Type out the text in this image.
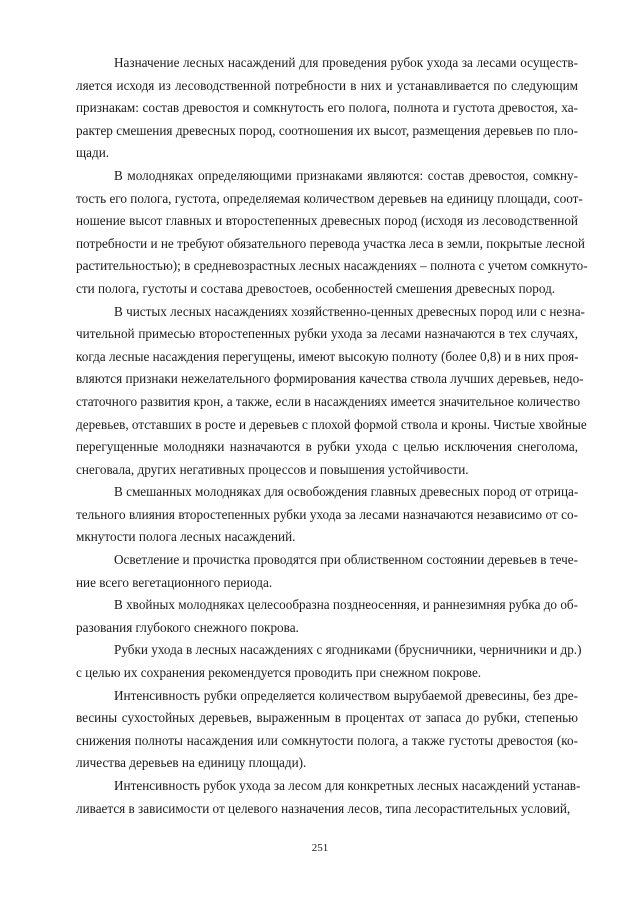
Назначение лесных насаждений для проведения рубок ухода за лесами осуществ-
ляется исходя из лесоводственной потребности в них и устанавливается по следующим
признакам: состав древостоя и сомкнутость его полога, полнота и густота древостоя, ха-
рактер смешения древесных пород, соотношения их высот, размещения деревьев по пло-
щади.
В молодняках определяющими признаками являются: состав древостоя, сомкну-
тость его полога, густота, определяемая количеством деревьев на единицу площади, соот-
ношение высот главных и второстепенных древесных пород (исходя из лесоводственной
потребности и не требуют обязательного перевода участка леса в земли, покрытые лесной
растительностью); в средневозрастных лесных насаждениях – полнота с учетом сомкнуто-
сти полога, густоты и состава древостоев, особенностей смешения древесных пород.
В чистых лесных насаждениях хозяйственно-ценных древесных пород или с незна-
чительной примесью второстепенных рубки ухода за лесами назначаются в тех случаях,
когда лесные насаждения перегущены, имеют высокую полноту (более 0,8) и в них проя-
вляются признаки нежелательного формирования качества ствола лучших деревьев, недо-
статочного развития крон, а также, если в насаждениях имеется значительное количество
деревьев, отставших в росте и деревьев с плохой формой ствола и кроны. Чистые хвойные
перегущенные молодняки назначаются в рубки ухода с целью исключения снеголома,
снеговала, других негативных процессов и повышения устойчивости.
В смешанных молодняках для освобождения главных древесных пород от отрица-
тельного влияния второстепенных рубки ухода за лесами назначаются независимо от со-
мкнутости полога лесных насаждений.
Осветление и прочистка проводятся при облиственном состоянии деревьев в тече-
ние всего вегетационного периода.
В хвойных молодняках целесообразна позднеосенняя, и раннезимняя рубка до об-
разования глубокого снежного покрова.
Рубки ухода в лесных насаждениях с ягодниками (брусничники, черничники и др.)
с целью их сохранения рекомендуется проводить при снежном покрове.
Интенсивность рубки определяется количеством вырубаемой древесины, без дре-
весины сухостойных деревьев, выраженным в процентах от запаса до рубки, степенью
снижения полноты насаждения или сомкнутости полога, а также густоты древостоя (ко-
личества деревьев на единицу площади).
Интенсивность рубок ухода за лесом для конкретных лесных насаждений устанав-
ливается в зависимости от целевого назначения лесов, типа лесорастительных условий,
251
